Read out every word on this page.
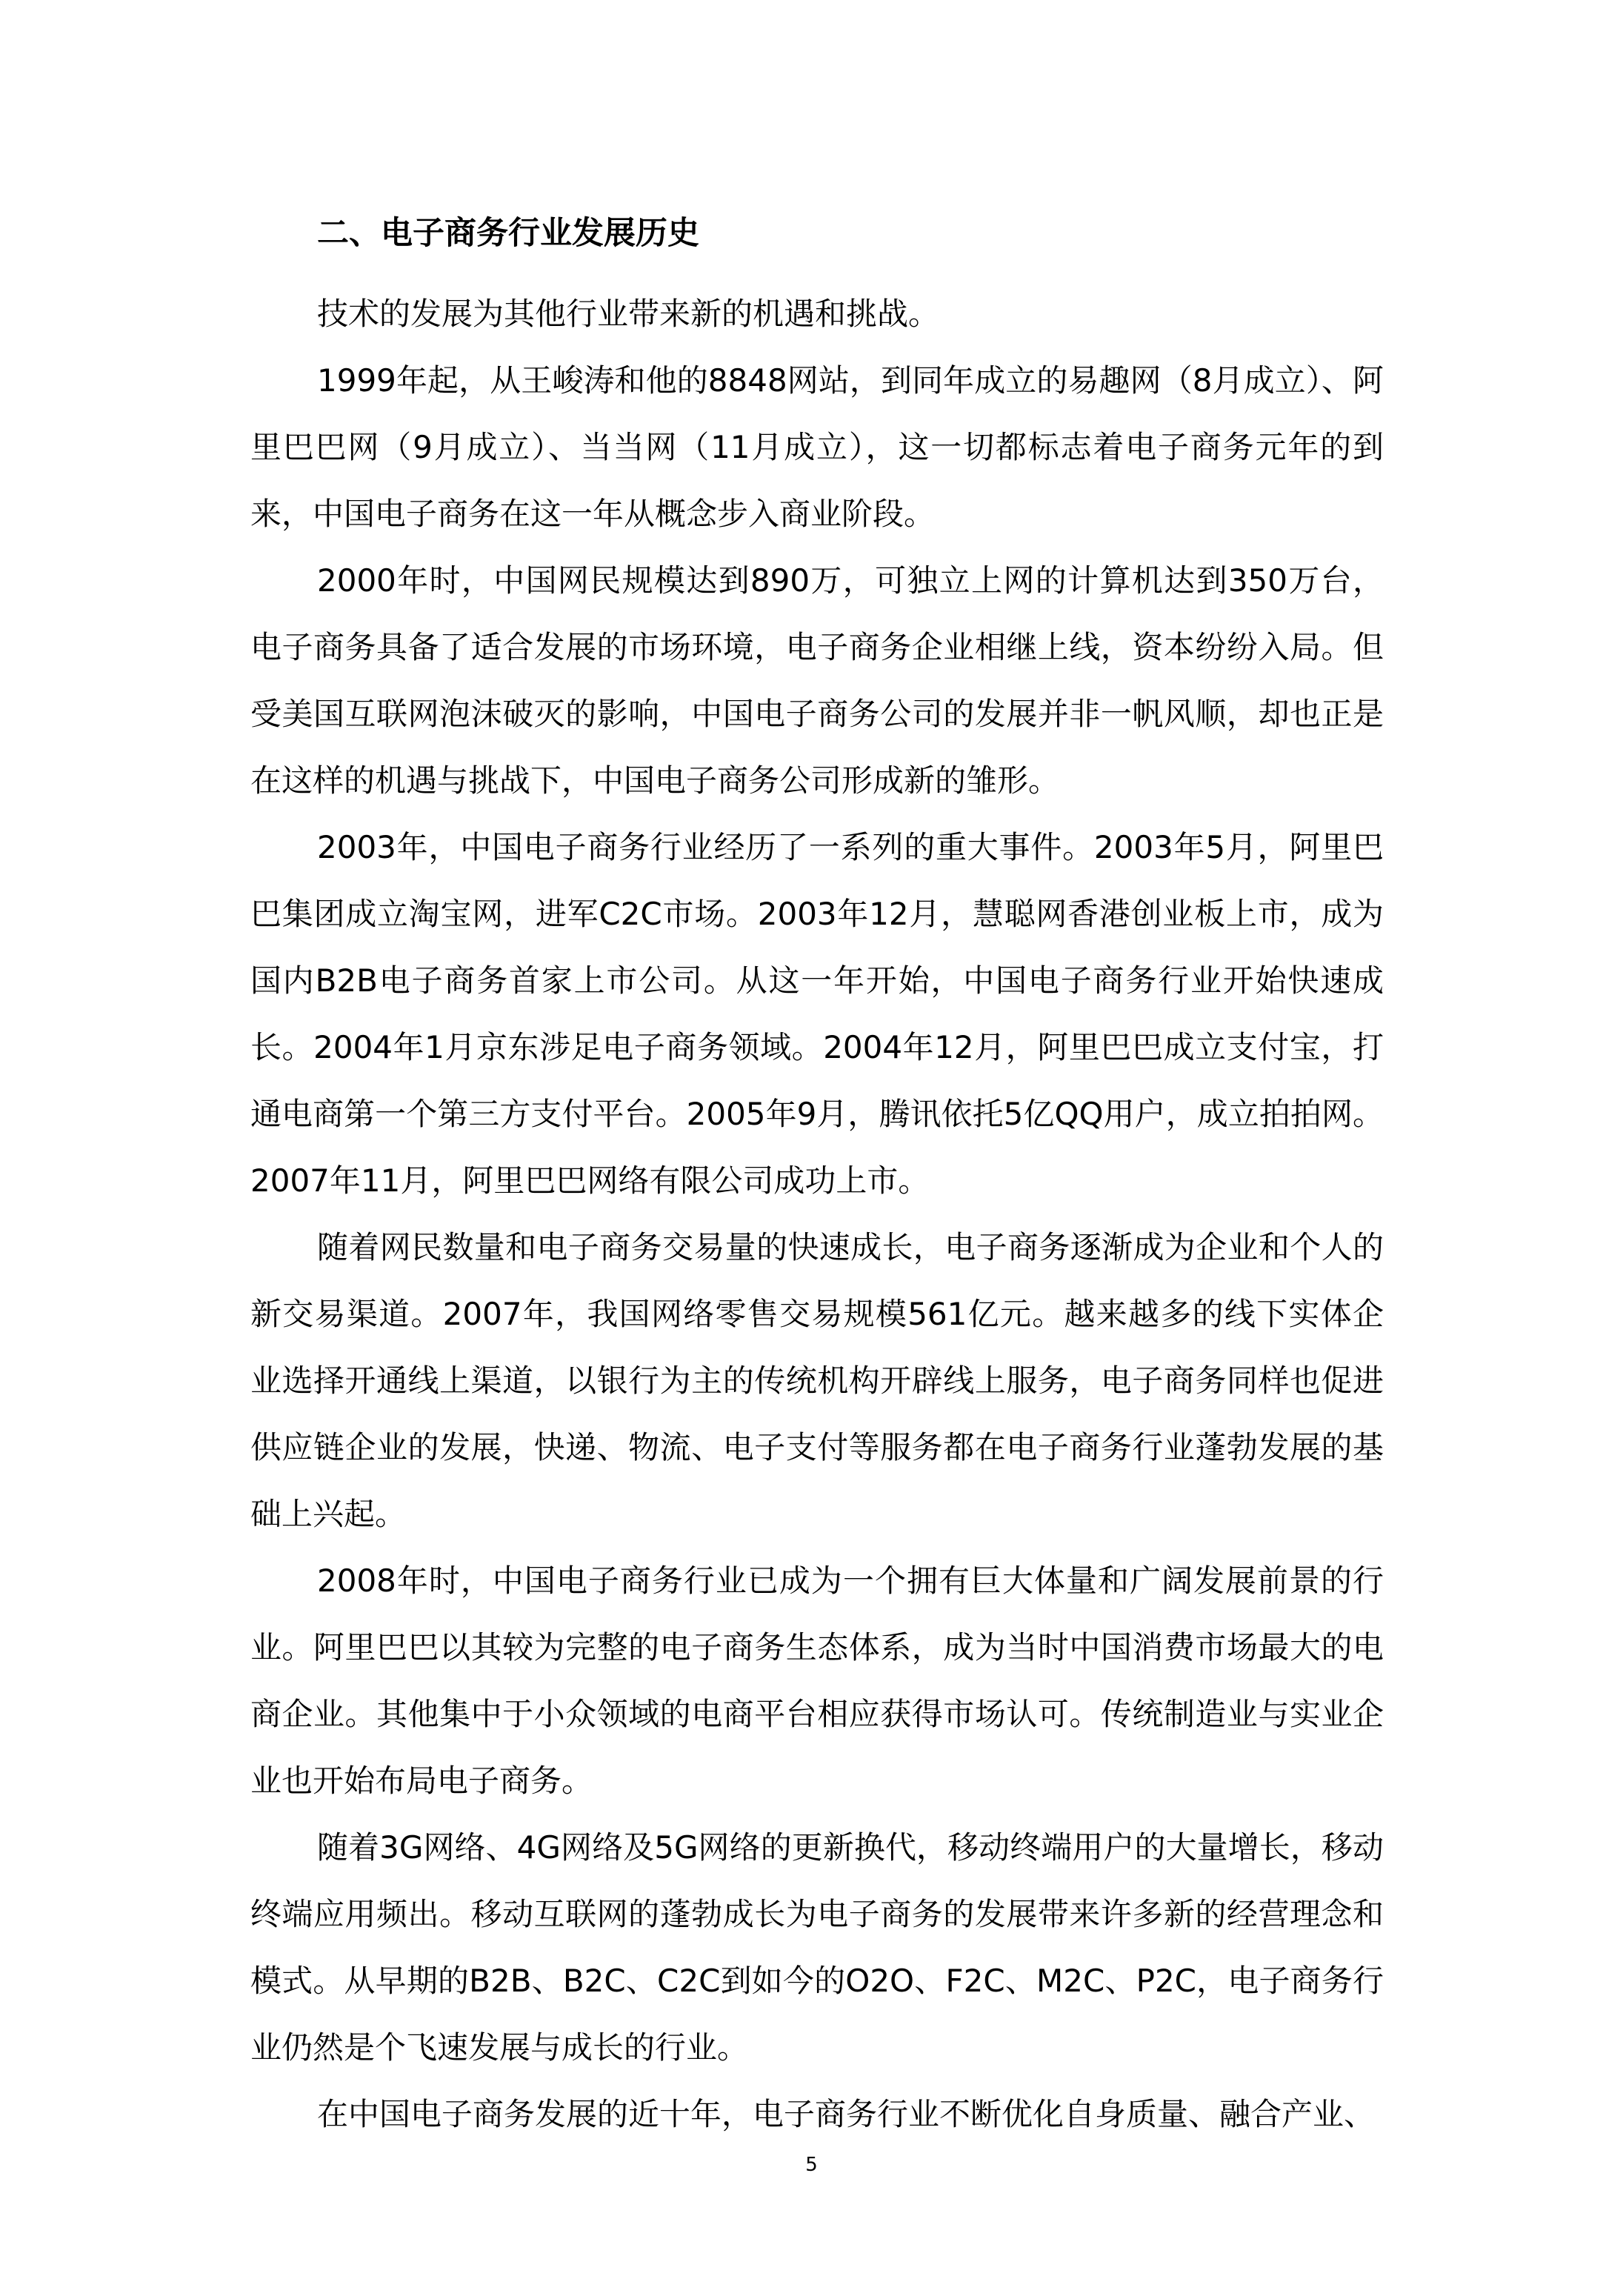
二、电子商务行业发展历史

技术的发展为其他行业带来新的机遇和挑战。

1999年起，从王峻涛和他的8848网站，到同年成立的易趣网（8月成立）、阿里巴巴网（9月成立）、当当网（11月成立），这一切都标志着电子商务元年的到来，中国电子商务在这一年从概念步入商业阶段。

2000年时，中国网民规模达到890万，可独立上网的计算机达到350万台，电子商务具备了适合发展的市场环境，电子商务企业相继上线，资本纷纷入局。但受美国互联网泡沫破灭的影响，中国电子商务公司的发展并非一帆风顺，却也正是在这样的机遇与挑战下，中国电子商务公司形成新的雏形。

2003年，中国电子商务行业经历了一系列的重大事件。2003年5月，阿里巴巴集团成立淘宝网，进军C2C市场。2003年12月，慧聪网香港创业板上市，成为国内B2B电子商务首家上市公司。从这一年开始，中国电子商务行业开始快速成长。2004年1月京东涉足电子商务领域。2004年12月，阿里巴巴成立支付宝，打通电商第一个第三方支付平台。2005年9月，腾讯依托5亿QQ用户，成立拍拍网。2007年11月，阿里巴巴网络有限公司成功上市。

随着网民数量和电子商务交易量的快速成长，电子商务逐渐成为企业和个人的新交易渠道。2007年，我国网络零售交易规模561亿元。越来越多的线下实体企业选择开通线上渠道，以银行为主的传统机构开辟线上服务，电子商务同样也促进供应链企业的发展，快递、物流、电子支付等服务都在电子商务行业蓬勃发展的基础上兴起。

2008年时，中国电子商务行业已成为一个拥有巨大体量和广阔发展前景的行业。阿里巴巴以其较为完整的电子商务生态体系，成为当时中国消费市场最大的电商企业。其他集中于小众领域的电商平台相应获得市场认可。传统制造业与实业企业也开始布局电子商务。

随着3G网络、4G网络及5G网络的更新换代，移动终端用户的大量增长，移动终端应用频出。移动互联网的蓬勃成长为电子商务的发展带来许多新的经营理念和模式。从早期的B2B、B2C、C2C到如今的O2O、F2C、M2C、P2C，电子商务行业仍然是个飞速发展与成长的行业。

在中国电子商务发展的近十年，电子商务行业不断优化自身质量、融合产业、

5
